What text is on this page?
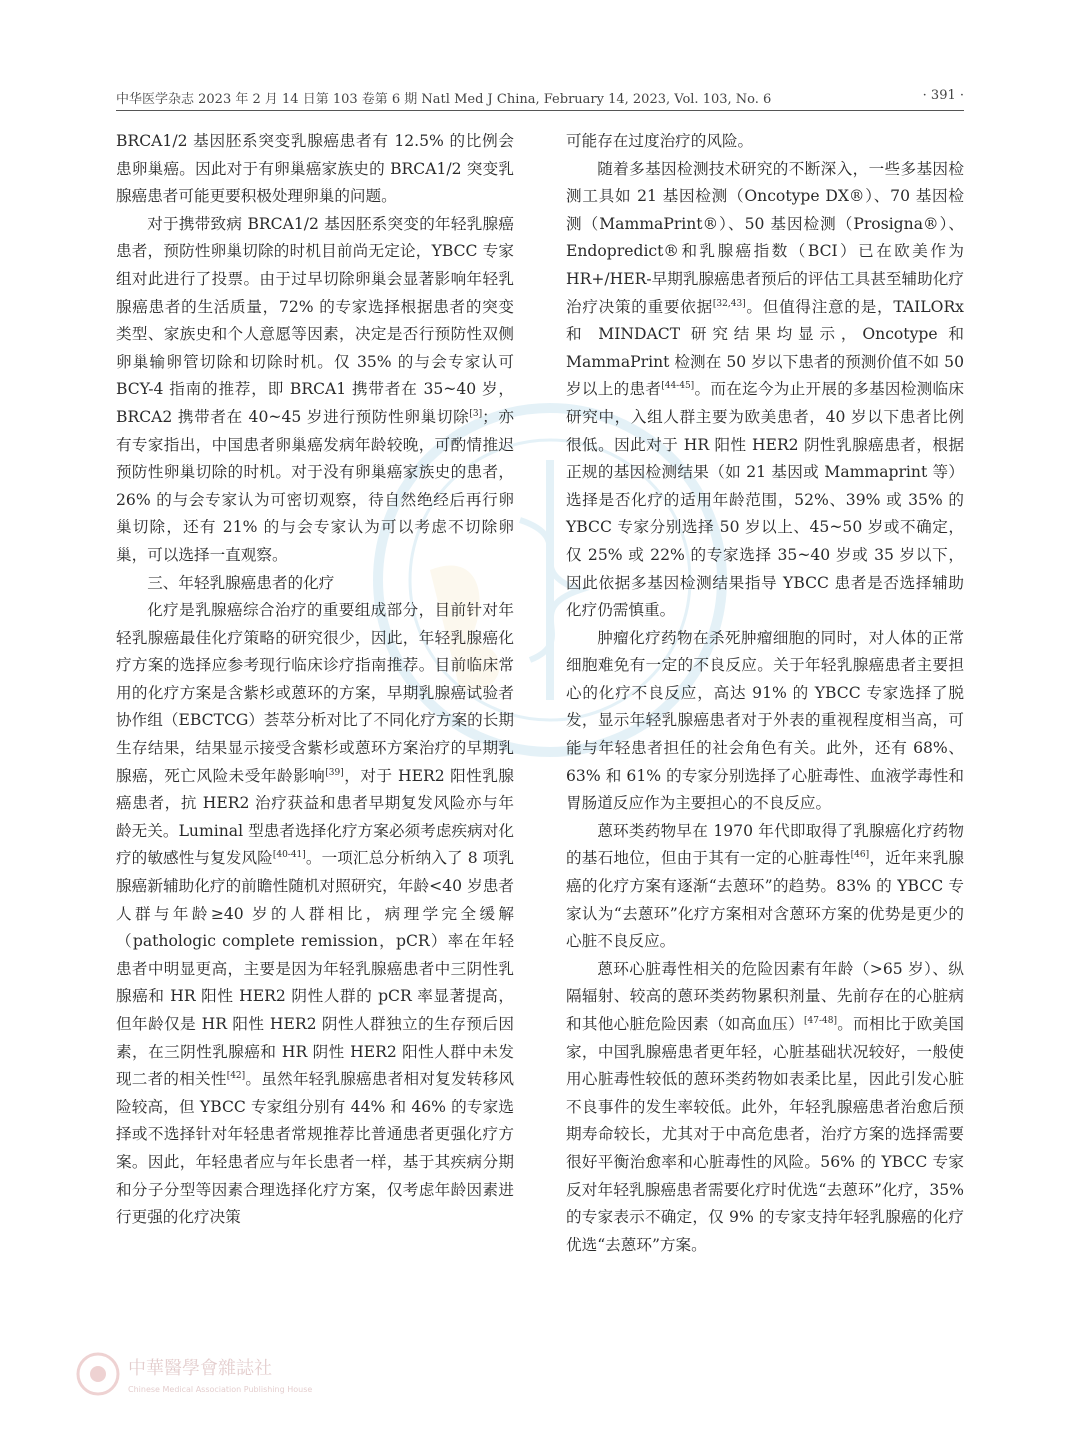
中华医学杂志 2023 年 2 月 14 日第 103 卷第 6 期 Natl Med J China, February 14, 2023, Vol. 103, No. 6	· 391 ·

BRCA1/2 基因胚系突变乳腺癌患者有 12.5% 的比例会患卵巢癌。因此对于有卵巢癌家族史的 BRCA1/2 突变乳腺癌患者可能更要积极处理卵巢的问题。

对于携带致病 BRCA1/2 基因胚系突变的年轻乳腺癌患者，预防性卵巢切除的时机目前尚无定论，YBCC 专家组对此进行了投票。由于过早切除卵巢会显著影响年轻乳腺癌患者的生活质量，72% 的专家选择根据患者的突变类型、家族史和个人意愿等因素，决定是否行预防性双侧卵巢输卵管切除和切除时机。仅 35% 的与会专家认可 BCY-4 指南的推荐，即 BRCA1 携带者在 35~40 岁，BRCA2 携带者在 40~45 岁进行预防性卵巢切除[3]；亦有专家指出，中国患者卵巢癌发病年龄较晚，可酌情推迟预防性卵巢切除的时机。对于没有卵巢癌家族史的患者，26% 的与会专家认为可密切观察，待自然绝经后再行卵巢切除，还有 21% 的与会专家认为可以考虑不切除卵巢，可以选择一直观察。

三、年轻乳腺癌患者的化疗

化疗是乳腺癌综合治疗的重要组成部分，目前针对年轻乳腺癌最佳化疗策略的研究很少，因此，年轻乳腺癌化疗方案的选择应参考现行临床诊疗指南推荐。目前临床常用的化疗方案是含紫杉或蒽环的方案，早期乳腺癌试验者协作组（EBCTCG）荟萃分析对比了不同化疗方案的长期生存结果，结果显示接受含紫杉或蒽环方案治疗的早期乳腺癌，死亡风险未受年龄影响[39]，对于 HER2 阳性乳腺癌患者，抗 HER2 治疗获益和患者早期复发风险亦与年龄无关。Luminal 型患者选择化疗方案必须考虑疾病对化疗的敏感性与复发风险[40-41]。一项汇总分析纳入了 8 项乳腺癌新辅助化疗的前瞻性随机对照研究，年龄<40 岁患者人群与年龄≥40 岁的人群相比，病理学完全缓解（pathologic complete remission，pCR）率在年轻患者中明显更高，主要是因为年轻乳腺癌患者中三阴性乳腺癌和 HR 阳性 HER2 阴性人群的 pCR 率显著提高，但年龄仅是 HR 阳性 HER2 阴性人群独立的生存预后因素，在三阴性乳腺癌和 HR 阴性 HER2 阳性人群中未发现二者的相关性[42]。虽然年轻乳腺癌患者相对复发转移风险较高，但 YBCC 专家组分别有 44% 和 46% 的专家选择或不选择针对年轻患者常规推荐比普通患者更强化疗方案。因此，年轻患者应与年长患者一样，基于其疾病分期和分子分型等因素合理选择化疗方案，仅考虑年龄因素进行更强的化疗决策

可能存在过度治疗的风险。

随着多基因检测技术研究的不断深入，一些多基因检测工具如 21 基因检测（Oncotype DX®）、70 基因检测（MammaPrint®）、50 基因检测（Prosigna®）、Endopredict®和乳腺癌指数（BCI）已在欧美作为 HR+/HER-早期乳腺癌患者预后的评估工具甚至辅助化疗治疗决策的重要依据[32,43]。但值得注意的是，TAILORx 和 MINDACT 研究结果均显示，Oncotype 和 MammaPrint 检测在 50 岁以下患者的预测价值不如 50 岁以上的患者[44-45]。而在迄今为止开展的多基因检测临床研究中，入组人群主要为欧美患者，40 岁以下患者比例很低。因此对于 HR 阳性 HER2 阴性乳腺癌患者，根据正规的基因检测结果（如 21 基因或 Mammaprint 等）选择是否化疗的适用年龄范围，52%、39% 或 35% 的 YBCC 专家分别选择 50 岁以上、45~50 岁或不确定，仅 25% 或 22% 的专家选择 35~40 岁或 35 岁以下，因此依据多基因检测结果指导 YBCC 患者是否选择辅助化疗仍需慎重。

肿瘤化疗药物在杀死肿瘤细胞的同时，对人体的正常细胞难免有一定的不良反应。关于年轻乳腺癌患者主要担心的化疗不良反应，高达 91% 的 YBCC 专家选择了脱发，显示年轻乳腺癌患者对于外表的重视程度相当高，可能与年轻患者担任的社会角色有关。此外，还有 68%、63% 和 61% 的专家分别选择了心脏毒性、血液学毒性和胃肠道反应作为主要担心的不良反应。

蒽环类药物早在 1970 年代即取得了乳腺癌化疗药物的基石地位，但由于其有一定的心脏毒性[46]，近年来乳腺癌的化疗方案有逐渐“去蒽环”的趋势。83% 的 YBCC 专家认为“去蒽环”化疗方案相对含蒽环方案的优势是更少的心脏不良反应。

蒽环心脏毒性相关的危险因素有年龄（>65 岁）、纵隔辐射、较高的蒽环类药物累积剂量、先前存在的心脏病和其他心脏危险因素（如高血压）[47-48]。而相比于欧美国家，中国乳腺癌患者更年轻，心脏基础状况较好，一般使用心脏毒性较低的蒽环类药物如表柔比星，因此引发心脏不良事件的发生率较低。此外，年轻乳腺癌患者治愈后预期寿命较长，尤其对于中高危患者，治疗方案的选择需要很好平衡治愈率和心脏毒性的风险。56% 的 YBCC 专家反对年轻乳腺癌患者需要化疗时优选“去蒽环”化疗，35% 的专家表示不确定，仅 9% 的专家支持年轻乳腺癌的化疗优选“去蒽环”方案。

中華醫學會雜誌社
Chinese Medical Association Publishing House
